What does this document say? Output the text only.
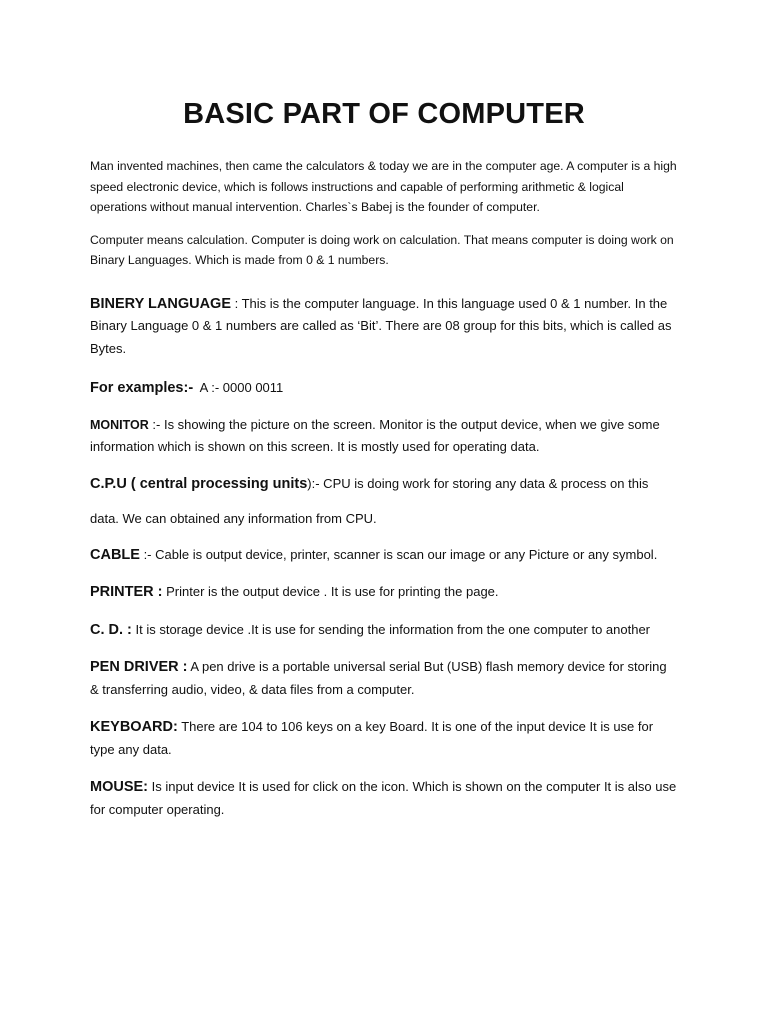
BASIC PART OF COMPUTER

Man invented machines, then came the calculators & today we are in the computer age. A computer is a high speed electronic device, which is follows instructions and capable of performing arithmetic & logical operations without manual intervention. Charles`s Babej is the founder of computer.

Computer means calculation. Computer is doing work on calculation. That means computer is doing work on Binary Languages. Which is made from 0 & 1 numbers.

BINERY LANGUAGE : This is the computer language. In this language used 0 & 1 number. In the Binary Language 0 & 1 numbers are called as ‘Bit’. There are 08 group for this bits, which is called as Bytes.

For examples:-  A :- 0000 0011

MONITOR :- Is showing the picture on the screen. Monitor is the output device, when we give some information which is shown on this screen. It is mostly used for operating data.

C.P.U ( central processing units):- CPU is doing work for storing any data & process on this
data. We can obtained any information from CPU.

CABLE :- Cable is output device, printer, scanner is scan our image or any Picture or any symbol.

PRINTER : Printer is the output device . It is use for printing the page.

C. D. : It is storage device .It is use for sending the information from the one computer to another

PEN DRIVER : A pen drive is a portable universal serial But (USB) flash memory device for storing & transferring audio, video, & data files from a computer.

KEYBOARD: There are 104 to 106 keys on a key Board. It is one of the input device It is use for type any data.

MOUSE: Is input device It is used for click on the icon. Which is shown on the computer It is also use for computer operating.
